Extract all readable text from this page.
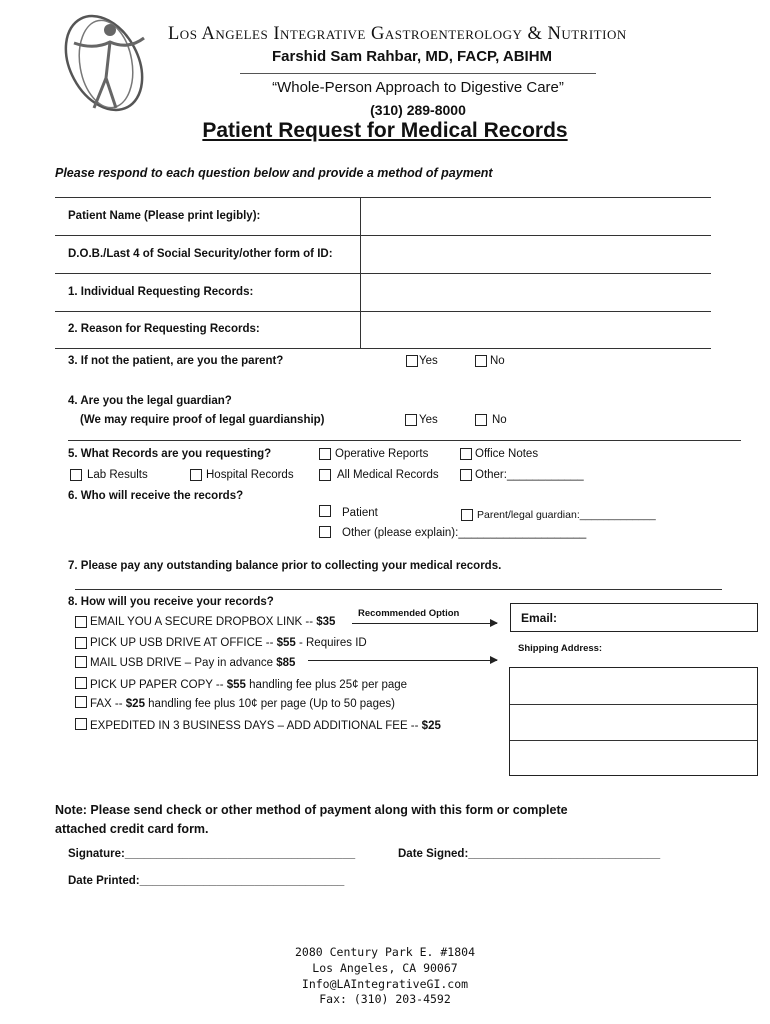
Los Angeles Integrative Gastroenterology & Nutrition
Farshid Sam Rahbar, MD, FACP, ABIHM
“Whole-Person Approach to Digestive Care”
(310) 289-8000
Patient Request for Medical Records
Please respond to each question below and provide a method of payment
Patient Name (Please print legibly):
D.O.B./Last 4 of Social Security/other form of ID:
1. Individual Requesting Records:
2. Reason for Requesting Records:
3. If not the patient, are you the parent?	Yes	No
4. Are you the legal guardian?
(We may require proof of legal guardianship)	Yes	No
5. What Records are you requesting?	Operative Reports	Office Notes
Lab Results	Hospital Records	All Medical Records	Other:____________
6. Who will receive the records?
Patient	Parent/legal guardian:_____________
Other (please explain):____________________
7. Please pay any outstanding balance prior to collecting your medical records.
8. How will you receive your records?
Recommended Option
EMAIL YOU A SECURE DROPBOX LINK -- $35
PICK UP USB DRIVE AT OFFICE -- $55 - Requires ID
MAIL USB DRIVE – Pay in advance $85
PICK UP PAPER COPY -- $55 handling fee plus 25¢ per page
FAX -- $25 handling fee plus 10¢ per page (Up to 50 pages)
EXPEDITED IN 3 BUSINESS DAYS – ADD ADDITIONAL FEE -- $25
Email:
Shipping Address:
Note: Please send check or other method of payment along with this form or complete
attached credit card form.
Signature:____________________________________	Date Signed:______________________________
Date Printed:________________________________
2080 Century Park E. #1804
Los Angeles, CA 90067
Info@LAIntegrativeGI.com
Fax: (310) 203-4592
